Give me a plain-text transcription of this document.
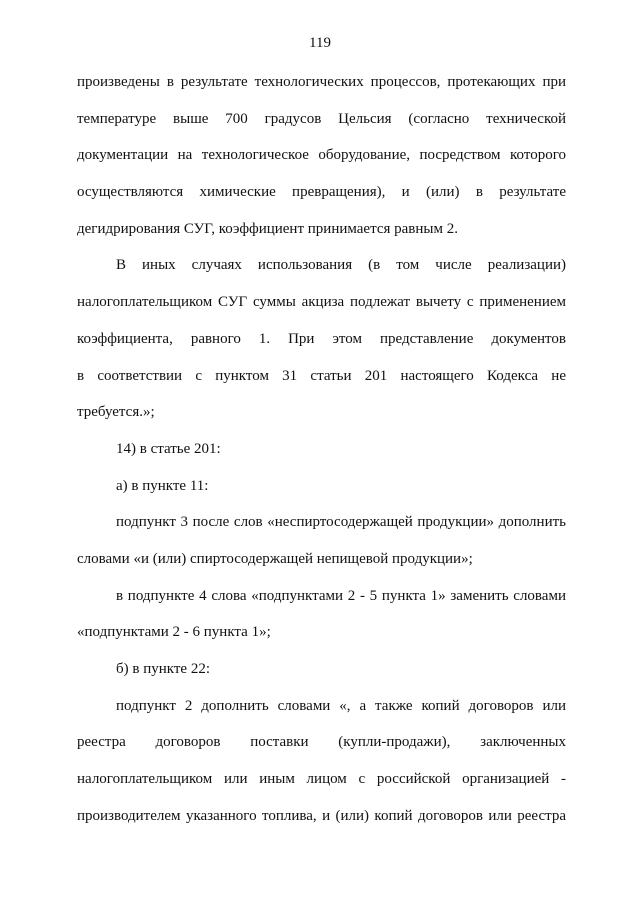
119
произведены в результате технологических процессов, протекающих при
температуре выше 700 градусов Цельсия (согласно технической
документации на технологическое оборудование, посредством которого
осуществляются химические превращения), и (или) в результате
дегидрирования СУГ, коэффициент принимается равным 2.
В иных случаях использования (в том числе реализации)
налогоплательщиком СУГ суммы акциза подлежат вычету с применением
коэффициента, равного 1. При этом представление документов
в соответствии с пунктом 31 статьи 201 настоящего Кодекса не
требуется.»;
14) в статье 201:
а) в пункте 11:
подпункт 3 после слов «неспиртосодержащей продукции» дополнить
словами «и (или) спиртосодержащей непищевой продукции»;
в подпункте 4 слова «подпунктами 2 - 5 пункта 1» заменить словами
«подпунктами 2 - 6 пункта 1»;
б) в пункте 22:
подпункт 2 дополнить словами «, а также копий договоров или
реестра договоров поставки (купли-продажи), заключенных
налогоплательщиком или иным лицом с российской организацией -
производителем указанного топлива, и (или) копий договоров или реестра
